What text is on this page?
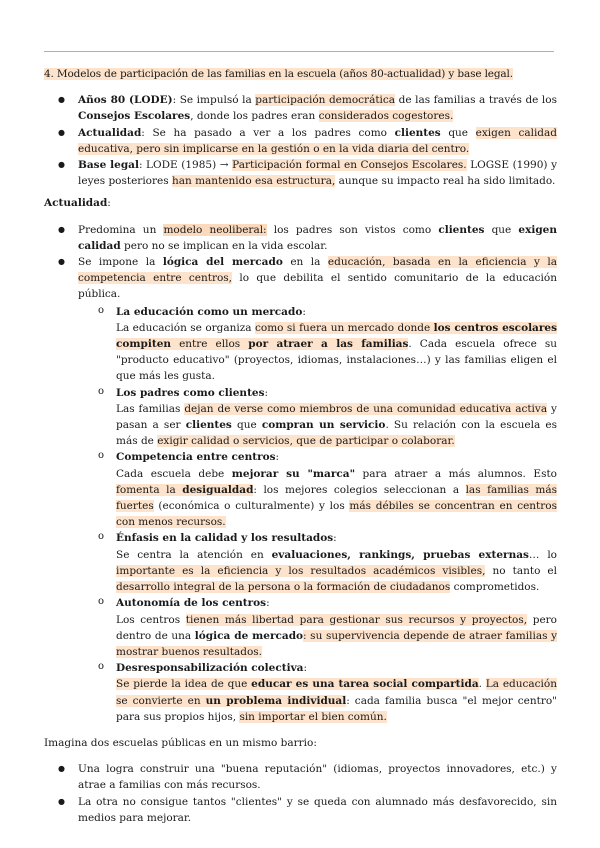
4. Modelos de participación de las familias en la escuela (años 80-actualidad) y base legal.
● Años 80 (LODE): Se impulsó la participación democrática de las familias a través de los Consejos Escolares, donde los padres eran considerados cogestores.
● Actualidad: Se ha pasado a ver a los padres como clientes que exigen calidad educativa, pero sin implicarse en la gestión o en la vida diaria del centro.
● Base legal: LODE (1985) → Participación formal en Consejos Escolares. LOGSE (1990) y leyes posteriores han mantenido esa estructura, aunque su impacto real ha sido limitado.

Actualidad:

● Predomina un modelo neoliberal: los padres son vistos como clientes que exigen calidad pero no se implican en la vida escolar.
● Se impone la lógica del mercado en la educación, basada en la eficiencia y la competencia entre centros, lo que debilita el sentido comunitario de la educación pública.
o La educación como un mercado:
La educación se organiza como si fuera un mercado donde los centros escolares compiten entre ellos por atraer a las familias. Cada escuela ofrece su "producto educativo" (proyectos, idiomas, instalaciones…) y las familias eligen el que más les gusta.
o Los padres como clientes:
Las familias dejan de verse como miembros de una comunidad educativa activa y pasan a ser clientes que compran un servicio. Su relación con la escuela es más de exigir calidad o servicios, que de participar o colaborar.
o Competencia entre centros:
Cada escuela debe mejorar su "marca" para atraer a más alumnos. Esto fomenta la desigualdad: los mejores colegios seleccionan a las familias más fuertes (económica o culturalmente) y los más débiles se concentran en centros con menos recursos.
o Énfasis en la calidad y los resultados:
Se centra la atención en evaluaciones, rankings, pruebas externas… lo importante es la eficiencia y los resultados académicos visibles, no tanto el desarrollo integral de la persona o la formación de ciudadanos comprometidos.
o Autonomía de los centros:
Los centros tienen más libertad para gestionar sus recursos y proyectos, pero dentro de una lógica de mercado: su supervivencia depende de atraer familias y mostrar buenos resultados.
o Desresponsabilización colectiva:
Se pierde la idea de que educar es una tarea social compartida. La educación se convierte en un problema individual: cada familia busca "el mejor centro" para sus propios hijos, sin importar el bien común.

Imagina dos escuelas públicas en un mismo barrio:

● Una logra construir una "buena reputación" (idiomas, proyectos innovadores, etc.) y atrae a familias con más recursos.
● La otra no consigue tantos "clientes" y se queda con alumnado más desfavorecido, sin medios para mejorar.
